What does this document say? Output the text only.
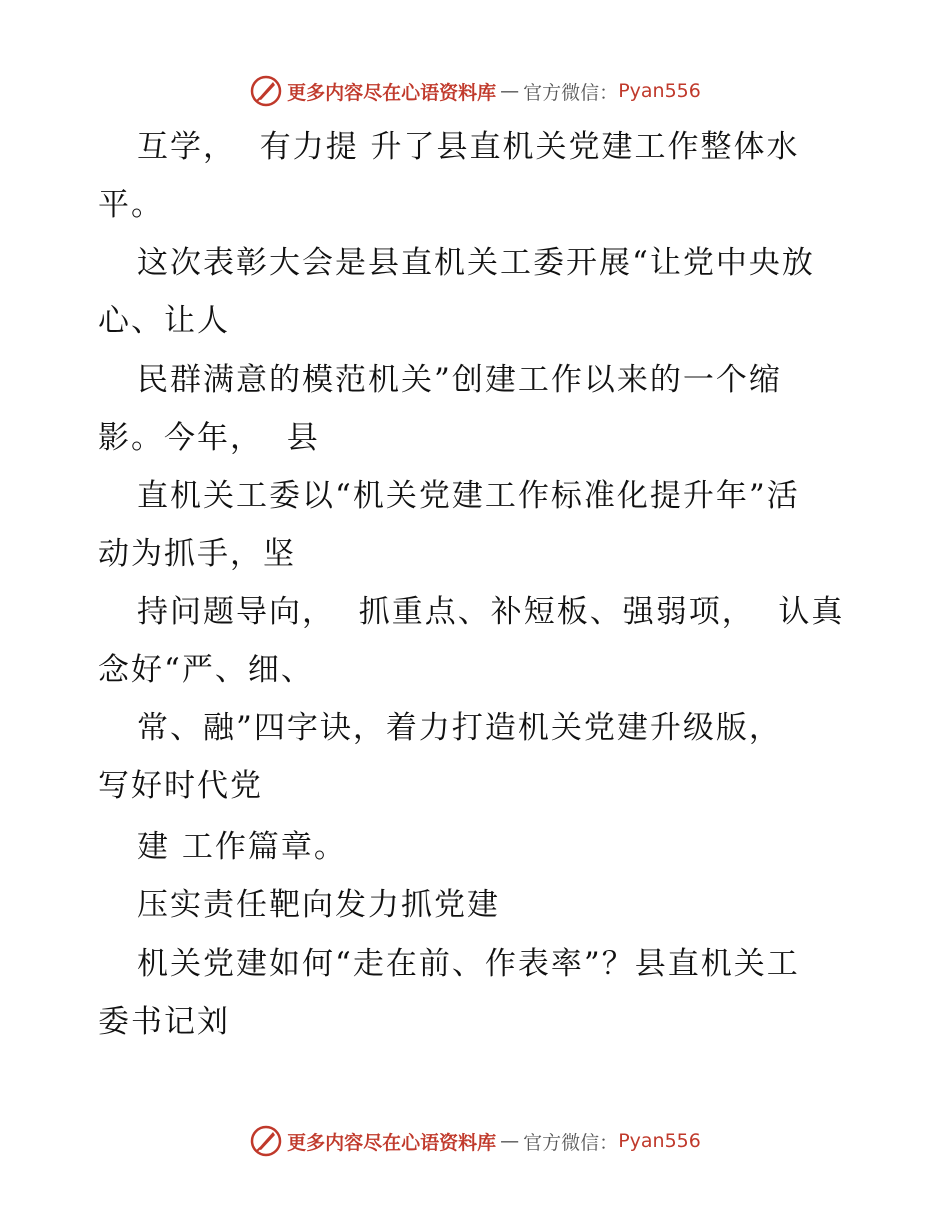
更多内容尽在心语资料库 — 官方微信： Pyan556
互学，  有力提 升了县直机关党建工作整体水
平。
这次表彰大会是县直机关工委开展“让党中央放
心、让人
民群满意的模范机关”创建工作以来的一个缩
影。今年，  县
直机关工委以“机关党建工作标准化提升年”活
动为抓手，坚
持问题导向，  抓重点、补短板、强弱项，  认真
念好“严、细、
常、融”四字诀，着力打造机关党建升级版，
写好时代党
建 工作篇章。
压实责任靶向发力抓党建
机关党建如何“走在前、作表率”？县直机关工
委书记刘
更多内容尽在心语资料库 — 官方微信： Pyan556
